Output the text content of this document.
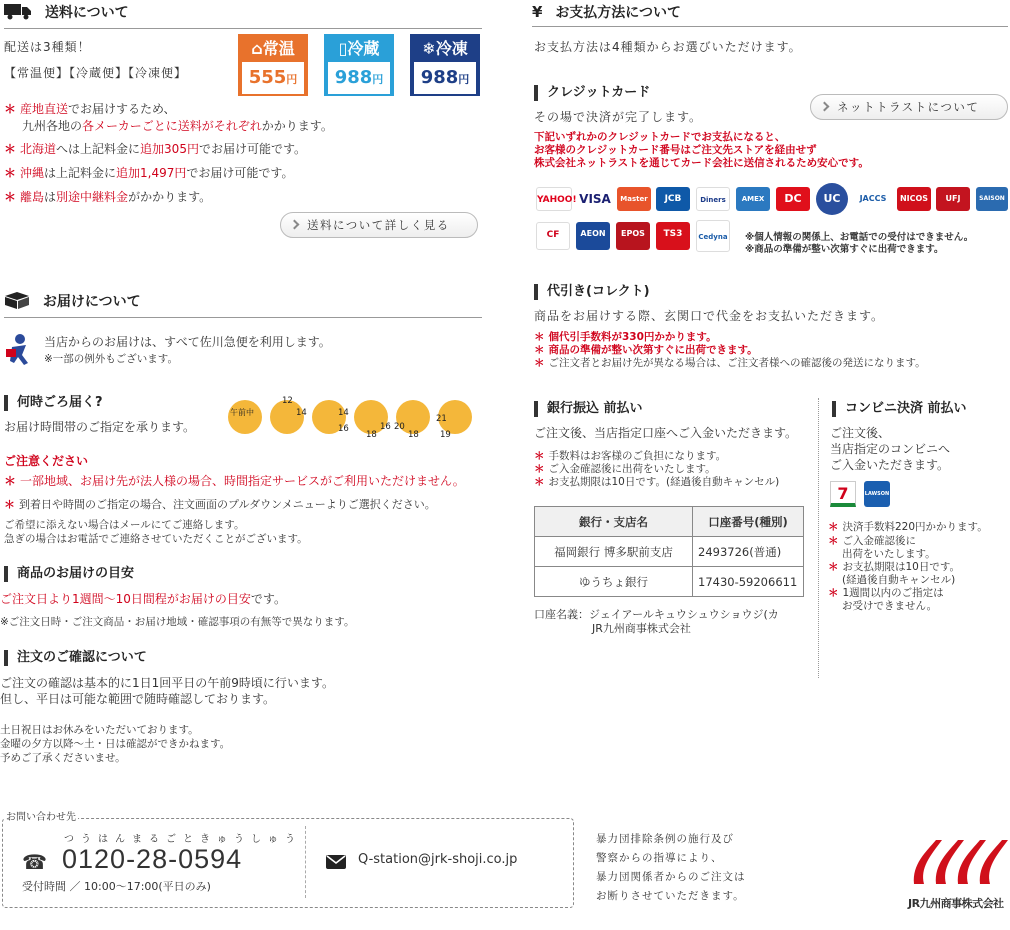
送料について
配送は3種類！
【常温便】【冷蔵便】【冷凍便】
⌂常温
555円
▯冷蔵
988円
❄冷凍
988円
＊ 産地直送でお届けするため、
九州各地の各メーカーごとに送料がそれぞれかかります。
＊ 北海道へは上記料金に追加305円でお届け可能です。
＊ 沖縄は上記料金に追加1,497円でお届け可能です。
＊ 離島は別途中継料金がかかります。
送料について詳しく見る
お届けについて
当店からのお届けは、すべて佐川急便を利用します。
※一部の例外もございます。
何時ごろ届く?
お届け時間帯のご指定を承ります。
午前中
12
14	14
16	16
18	18
20
19
21
ご注意ください
＊ 一部地域、お届け先が法人様の場合、時間指定サービスがご利用いただけません。
＊ 到着日や時間のご指定の場合、注文画面のプルダウンメニューよりご選択ください。
ご希望に添えない場合はメールにてご連絡します。
急ぎの場合はお電話でご連絡させていただくことがございます。
商品のお届けの目安
ご注文日より1週間〜10日間程がお届けの目安です。
※ご注文日時・ご注文商品・お届け地域・確認事項の有無等で異なります。
注文のご確認について
ご注文の確認は基本的に1日1回平日の午前9時頃に行います。
但し、平日は可能な範囲で随時確認しております。
土日祝日はお休みをいただいております。
金曜の夕方以降〜土・日は確認ができかねます。
予めご了承くださいませ。
¥ お支払方法について
お支払方法は4種類からお選びいただけます。
クレジットカード
その場で決済が完了します。
ネットトラストについて
下記いずれかのクレジットカードでお支払になると、
お客様のクレジットカード番号はご注文先ストアを経由せず
株式会社ネットラストを通じてカード会社に送信されるため安心です。
YAHOO! VISA	Master	JCB	Diners	AMEX	DC	UC	JACCS	NICOS	UFJ	SAISON
CF	AEON	EPOS	TS3	Cedyna ※個人情報の関係上、お電話での受付はできません。
※商品の準備が整い次第すぐに出荷できます。
代引き(コレクト)
商品をお届けする際、玄関口で代金をお支払いただきます。
＊ 個代引手数料が330円かかります。
＊ 商品の準備が整い次第すぐに出荷できます。
＊ ご注文者とお届け先が異なる場合は、ご注文者様への確認後の発送になります。
銀行振込 前払い
ご注文後、当店指定口座へご入金いただきます。
＊ 手数料はお客様のご負担になります。
＊ ご入金確認後に出荷をいたします。
＊ お支払期限は10日です。(経過後自動キャンセル)
銀行・支店名	口座番号(種別)
福岡銀行 博多駅前支店	2493726(普通)
ゆうちょ銀行	17430-59206611
口座名義：ジェイアールキュウシュウショウジ(カ
JR九州商事株式会社
コンビニ決済 前払い
ご注文後、
当店指定のコンビニへ
ご入金いただきます。
7	LAWSON
＊ 決済手数料220円かかります。
＊ ご入金確認後に
出荷をいたします。
＊ お支払期限は10日です。
(経過後自動キャンセル)
＊ 1週間以内のご指定は
お受けできません。
お問い合わせ先
つうはんまるごときゅうしゅう
☎ 0120-28-0594
受付時間 ／ 10:00〜17:00(平日のみ)
Q-station@jrk-shoji.co.jp
暴力団排除条例の施行及び
警察からの指導により、
暴力団関係者からのご注文は
お断りさせていただきます。
JR九州商事株式会社
